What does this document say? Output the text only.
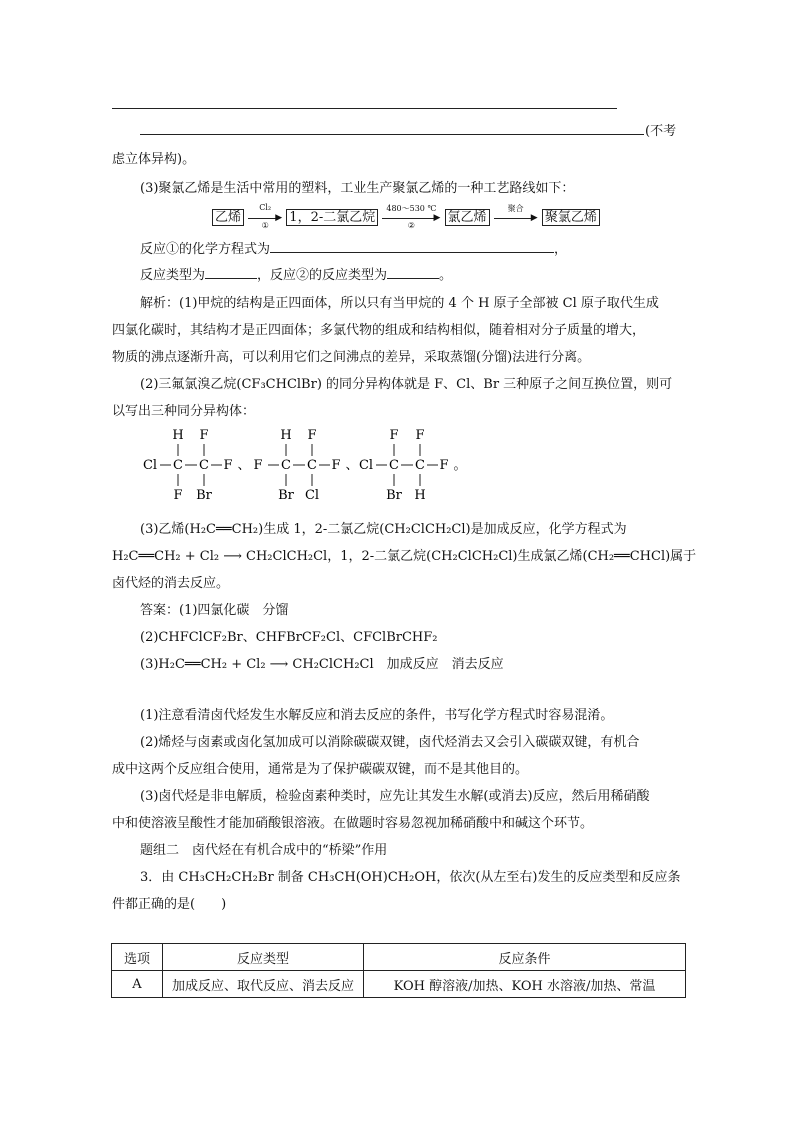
(不考
虑立体异构)。
(3)聚氯乙烯是生活中常用的塑料，工业生产聚氯乙烯的一种工艺路线如下：
乙烯
Cl₂
▶
①	1，2-二氯乙烷
480～530 ℃
▶
②	氯乙烯
聚合
▶ 聚氯乙烯
反应①的化学方程式为	，
反应类型为	，反应②的反应类型为	。
解析：(1)甲烷的结构是正四面体，所以只有当甲烷的 4 个 H 原子全部被 Cl 原子取代生成
四氯化碳时，其结构才是正四面体；多氯代物的组成和结构相似，随着相对分子质量的增大，
物质的沸点逐渐升高，可以利用它们之间沸点的差异，采取蒸馏(分馏)法进行分离。
(2)三氟氯溴乙烷(CF₃CHClBr) 的同分异构体就是 F、Cl、Br 三种原子之间互换位置，则可
以写出三种同分异构体：
H F
Cl C C F 、
F Br
H F
F C C F 、
Br Cl
F F
Cl C C F 。
Br H
(3)乙烯(H₂C══CH₂)生成 1，2-二氯乙烷(CH₂ClCH₂Cl)是加成反应，化学方程式为
H₂C══CH₂ + Cl₂ ⟶ CH₂ClCH₂Cl，1，2-二氯乙烷(CH₂ClCH₂Cl)生成氯乙烯(CH₂══CHCl)属于
卤代烃的消去反应。
答案：(1)四氯化碳　分馏
(2)CHFClCF₂Br、CHFBrCF₂Cl、CFClBrCHF₂
(3)H₂C══CH₂ + Cl₂ ⟶ CH₂ClCH₂Cl　加成反应　消去反应
(1)注意看清卤代烃发生水解反应和消去反应的条件，书写化学方程式时容易混淆。
(2)烯烃与卤素或卤化氢加成可以消除碳碳双键，卤代烃消去又会引入碳碳双键，有机合
成中这两个反应组合使用，通常是为了保护碳碳双键，而不是其他目的。
(3)卤代烃是非电解质，检验卤素种类时，应先让其发生水解(或消去)反应，然后用稀硝酸
中和使溶液呈酸性才能加硝酸银溶液。在做题时容易忽视加稀硝酸中和碱这个环节。
题组二　卤代烃在有机合成中的“桥梁”作用
3．由 CH₃CH₂CH₂Br 制备 CH₃CH(OH)CH₂OH，依次(从左至右)发生的反应类型和反应条
件都正确的是(　　)
选项	反应类型	反应条件
A	加成反应、取代反应、消去反应	KOH 醇溶液/加热、KOH 水溶液/加热、常温
